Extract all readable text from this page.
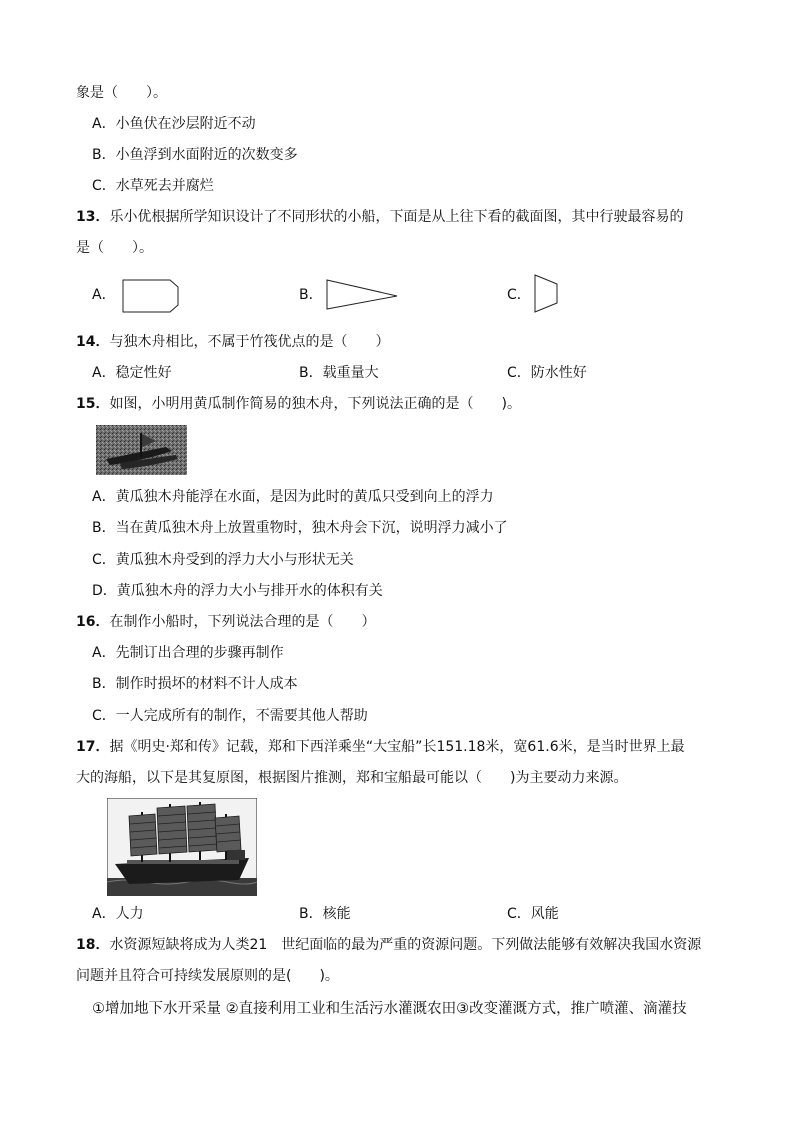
象是（　　）。
A．小鱼伏在沙层附近不动
B．小鱼浮到水面附近的次数变多
C．水草死去并腐烂
13．乐小优根据所学知识设计了不同形状的小船，下面是从上往下看的截面图，其中行驶最容易的
是（　　）。
A．	B．	C．
14．与独木舟相比，不属于竹筏优点的是（　　）
A．稳定性好	B．载重量大	C．防水性好
15．如图，小明用黄瓜制作简易的独木舟，下列说法正确的是（　　)。
A．黄瓜独木舟能浮在水面，是因为此时的黄瓜只受到向上的浮力
B．当在黄瓜独木舟上放置重物时，独木舟会下沉，说明浮力减小了
C．黄瓜独木舟受到的浮力大小与形状无关
D．黄瓜独木舟的浮力大小与排开水的体积有关
16．在制作小船时，下列说法合理的是（　　）
A．先制订出合理的步骤再制作
B．制作时损坏的材料不计人成本
C．一人完成所有的制作，不需要其他人帮助
17．据《明史·郑和传》记载，郑和下西洋乘坐“大宝船”长151.18米，宽61.6米，是当时世界上最
大的海船，以下是其复原图，根据图片推测，郑和宝船最可能以（　　)为主要动力来源。
A．人力	B．核能	C．风能
18．水资源短缺将成为人类21　世纪面临的最为严重的资源问题。下列做法能够有效解决我国水资源
问题并且符合可持续发展原则的是(　　)。
①增加地下水开采量 ②直接利用工业和生活污水灌溉农田③改变灌溉方式，推广喷灌、滴灌技
